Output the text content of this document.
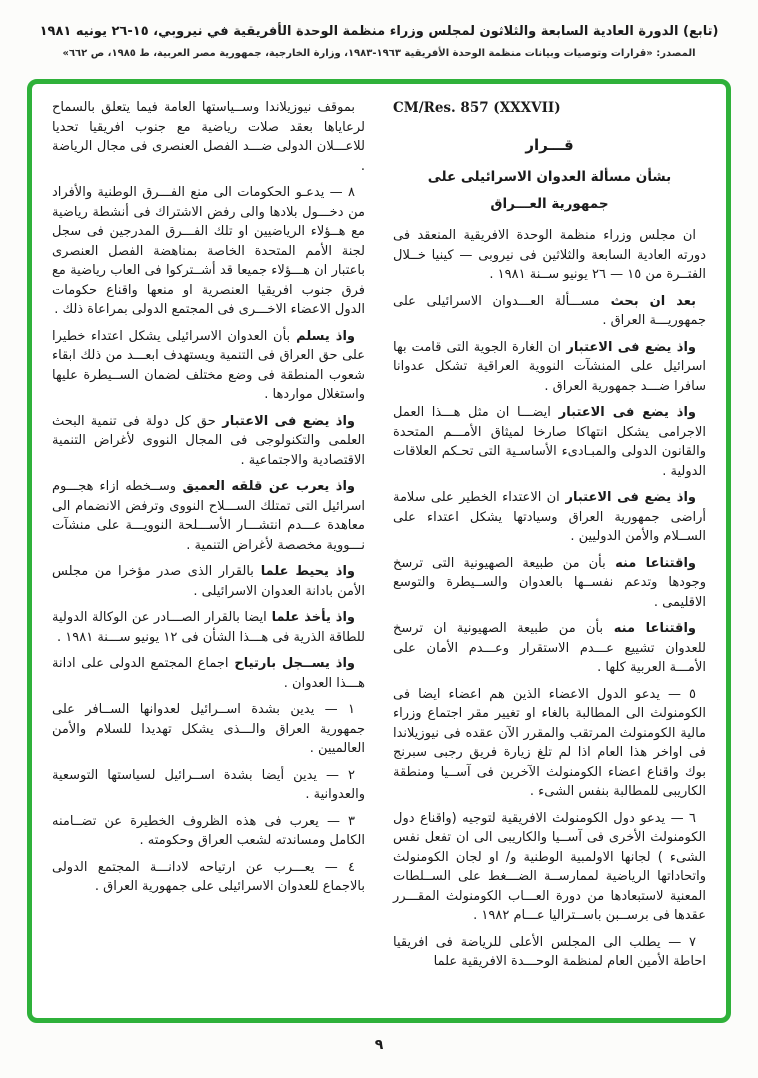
(تابع) الدورة العادية السابعة والثلاثون لمجلس وزراء منظمة الوحدة الأفريقية في نيروبي، ١٥-٢٦ يونيه ١٩٨١
المصدر: «قرارات وتوصيات وبيانات منظمة الوحدة الأفريقية ١٩٦٣-١٩٨٣، وزارة الخارجية، جمهورية مصر العربية، ط ١٩٨٥، ص ٦٦٢»
CM/Res. 857 (XXXVII)
قـــرار
بشأن مسألة العدوان الاسرائيلى على
جمهورية العـــراق

ان مجلس وزراء منظمة الوحدة الافريقية المنعقد فى دورته العادية السابعة والثلاثين فى نيروبى — كينيا خــلال الفتــرة من ١٥ — ٢٦ يونيو ســنة ١٩٨١ .

بعد ان بحث مســـألة العـــدوان الاسرائيلى على جمهوريـــة العراق .

واذ يضع فى الاعتبار ان الغارة الجوية التى قامت بها اسرائيل على المنشآت النووية العراقية تشكل عدوانا سافرا ضـــد جمهورية العراق .

واذ يضع فى الاعتبار ايضـــا ان مثل هـــذا العمل الاجرامى يشكل انتهاكا صارخا لميثاق الأمـــم المتحدة والقانون الدولى والمبـادىء الأساسـية التى تحـكم العلاقات الدولية .

واذ يضع فى الاعتبار ان الاعتداء الخطير على سلامة أراضى جمهورية العراق وسيادتها يشكل اعتداء على الســلام والأمن الدوليين .

واقتناعا منه بأن من طبيعة الصهيونية التى ترسخ وجودها وتدعم نفســها بالعدوان والســيطرة والتوسع الاقليمى .

واقتناعا منه بأن من طبيعة الصهيونية ان ترسخ للعدوان تشييع عـــدم الاستقرار وعـــدم الأمان على الأمـــة العربية كلها .

٥ — يدعو الدول الاعضاء الذين هم اعضاء ايضا فى الكومنولث الى المطالبة بالغاء او تغيير مقر اجتماع وزراء مالية الكومنولث المرتقب والمقرر الآن عقده فى نيوزيلاندا فى اواخر هذا العام اذا لم تلغ زيارة فريق رجبى سبرنج بوك واقناع اعضاء الكومنولث الآخرين فى آســيا ومنطقة الكاريبى للمطالبة بنفس الشىء .

٦ — يدعو دول الكومنولث الافريقية لتوجيه (واقناع دول الكومنولث الأخرى فى آســيا والكاريبى الى ان تفعل نفس الشىء ) لجانها الاولمبية الوطنية و/ او لجان الكومنولث واتحاداتها الرياضية لممارســة الضـــغط على الســلطات المعنية لاستبعادها من دورة العـــاب الكومنولث المقـــرر عقدها فى برســبن باســتراليا عـــام ١٩٨٢ .

٧ — يطلب الى المجلس الأعلى للرياضة فى افريقيا احاطة الأمين العام لمنظمة الوحـــدة الافريقية علما

بموقف نيوزيلاندا وســياستها العامة فيما يتعلق بالسماح لرعاياها بعقد صلات رياضية مع جنوب افريقيا تحديا للاعـــلان الدولى ضـــد الفصل العنصرى فى مجال الرياضة .

٨ — يدعـو الحكومات الى منع الفـــرق الوطنية والأفراد من دخـــول بلادها والى رفض الاشتراك فى أنشطة رياضية مع هــؤلاء الرياضيين او تلك الفـــرق المدرجين فى سجل لجنة الأمم المتحدة الخاصة بمناهضة الفصل العنصرى باعتبار ان هـــؤلاء جميعا قد أشــتركوا فى العاب رياضية مع فرق جنوب افريقيا العنصرية او منعها واقناع حكومات الدول الاعضاء الاخـــرى فى المجتمع الدولى بمراعاة ذلك .

واذ يسلم بأن العدوان الاسرائيلى يشكل اعتداء خطيرا على حق العراق فى التنمية ويستهدف ابعـــد من ذلك ابقاء شعوب المنطقة فى وضع مختلف لضمان الســيطرة عليها واستغلال مواردها .

واذ يضع فى الاعتبار حق كل دولة فى تنمية البحث العلمى والتكنولوجى فى المجال النووى لأغراض التنمية الاقتصادية والاجتماعية .

واذ يعرب عن قلقه العميق وســخطه ازاء هجـــوم اسرائيل التى تمتلك الســـلاح النووى وترفض الانضمام الى معاهدة عـــدم انتشـــار الأســـلحة النوويـــة على منشآت نـــووية مخصصة لأغراض التنمية .

واذ يحيط علما بالقرار الذى صدر مؤخرا من مجلس الأمن بادانة العدوان الاسرائيلى .

واذ يأخذ علما ايضا بالقرار الصـــادر عن الوكالة الدولية للطاقة الذرية فى هـــذا الشأن فى ١٢ يونيو ســـنة ١٩٨١ .

واذ يســجل بارتياح اجماع المجتمع الدولى على ادانة هـــذا العدوان .

١ — يدين بشدة اســرائيل لعدوانها الســافر على جمهورية العراق والـــذى يشكل تهديدا للسلام والأمن العالميين .

٢ — يدين أيضا بشدة اســرائيل لسياستها التوسعية والعدوانية .

٣ — يعرب فى هذه الظروف الخطيرة عن تضــامنه الكامل ومساندته لشعب العراق وحكومته .

٤ — يعـــرب عن ارتياحه لادانـــة المجتمع الدولى بالاجماع للعدوان الاسرائيلى على جمهورية العراق .

٩
